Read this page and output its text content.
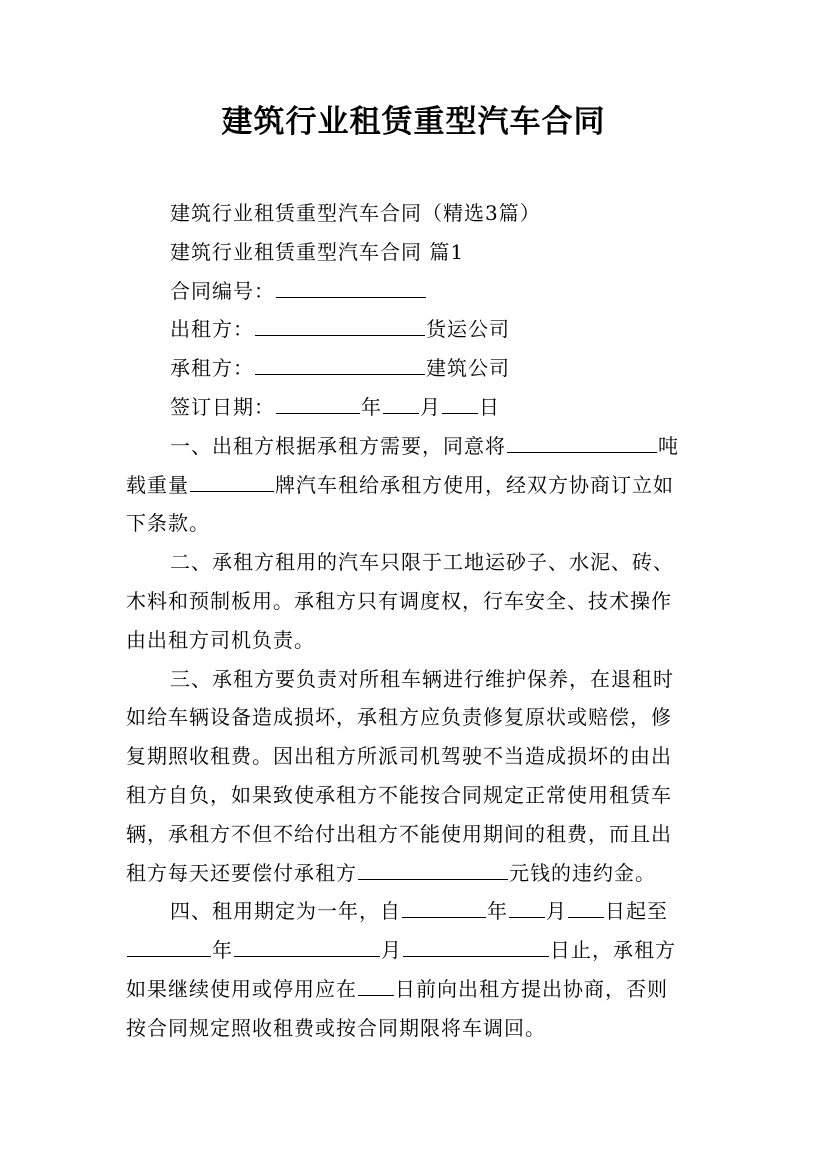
建筑行业租赁重型汽车合同
建筑行业租赁重型汽车合同（精选3篇）
建筑行业租赁重型汽车合同 篇1
合同编号：
出租方：	货运公司
承租方：	建筑公司
签订日期：	年 月 日
一、出租方根据承租方需要，同意将	吨
载重量	牌汽车租给承租方使用，经双方协商订立如
下条款。
二、承租方租用的汽车只限于工地运砂子、水泥、砖、
木料和预制板用。承租方只有调度权，行车安全、技术操作
由出租方司机负责。
三、承租方要负责对所租车辆进行维护保养，在退租时
如给车辆设备造成损坏，承租方应负责修复原状或赔偿，修
复期照收租费。因出租方所派司机驾驶不当造成损坏的由出
租方自负，如果致使承租方不能按合同规定正常使用租赁车
辆，承租方不但不给付出租方不能使用期间的租费，而且出
租方每天还要偿付承租方	元钱的违约金。
四、租用期定为一年，自	年 月 日起至
年	月	日止，承租方
如果继续使用或停用应在 日前向出租方提出协商，否则
按合同规定照收租费或按合同期限将车调回。
